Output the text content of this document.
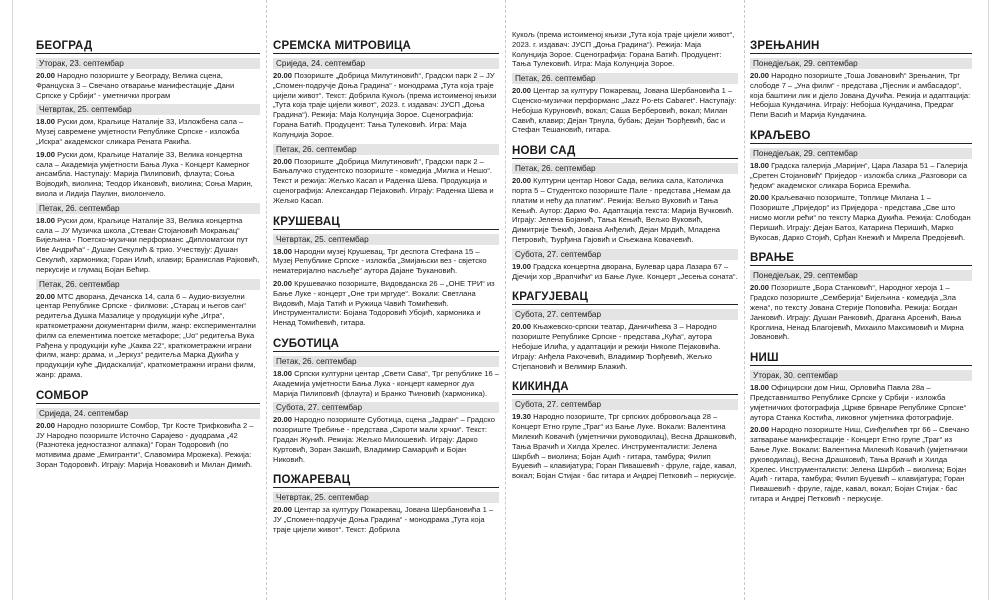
БЕОГРАД
Уторак, 23. септембар

20.00 Народно позориште у Београду, Велика сцена, Француска 3 – Свечано отварање манифестације „Дани Српске у Србији“ - уметнички програм

Четвртак, 25. септембар

18.00 Руски дом, Краљице Наталије 33, Изложбена сала – Музеј савремене умјетности Републике Српске - изложба „Искра“ академског сликара Рената Ракића.

19.00 Руски дом, Краљице Наталије 33, Велика концертна сала – Академија умјетности Бања Лука - Концерт Камерног ансамбла. Наступају: Марија Пилиповић, флаута; Соња Војводић, виолина; Теодор Икановић, виолина; Соња Марин, виола и Лидија Паулин, виолончело.

Петак, 26. септембар

18.00 Руски дом, Краљице Наталије 33, Велика концертна сала – ЈУ Музичка школа „Стеван Стојановић Мокрањац“ Бијељина - Поетско-музички перформанс „Дипломатски пут Иве Андрића“ - Душан Секулић & трио. Учествују: Душан Секулић, хармоника; Горан Илић, клавир; Бранислав Рајковић, перкусије и глумац Бојан Бећир.

Петак, 26. септембар

20.00 МТС дворана, Дечанска 14, сала 6 – Аудио-визуелни центар Републике Српске - филмови: „Старац и његов сан“ редитеља Душка Мазалице у продукцији куће „Игра“, краткометражни документарни филм, жанр: експериментални филм са елементима поетске метафоре; „Uo“ редитеља Вука Рађена у продукцији куће „Каква 22“, краткометражни играни филм, жанр: драма, и „Јеркуз“ редитеља Марка Дукића у продукцији куће „Дидаскалија“, краткометражни играни филм, жанр: драма.

СОМБОР
Сриједа, 24. септембар

20.00 Народно позориште Сомбор, Трг Косте Трифковића 2 – ЈУ Народно позориште Источно Сарајево - дуодрама „42 (Разнотека једностазног алпака)“ Горан Тодоровић (по мотивима драме „Емигранти“, Славомира Мрожека). Режија: Зоран Тодоровић. Играју: Марија Новаковић и Милан Димић.

СРЕМСКА МИТРОВИЦА
Сриједа, 24. септембар

20.00 Позориште „Добрица Милутиновић“, Градски парк 2 – ЈУ „Спомен-подручје Доња Градина“ - монодрама „Тута која траје цијели живот“. Текст: Добрила Кукољ (према истоименој књизи „Тута која траје цијели живот“, 2023. г. издавач: ЈУСП „Доња Градина“). Режија: Маја Колунџија Зорое. Сценографија: Горана Батић. Продуцент: Тања Тулековић. Игра: Маја Колунџија Зорое.

Петак, 26. септембар

20.00 Позориште „Добрица Милутиновић“, Градски парк 2 – Бањалучко студентско позориште - комедија „Милка и Нешо“. Текст и режија: Жељко Касап и Раденка Шева. Продукција и сценографија: Александар Пејаковић. Играју: Раденка Шева и Жељко Касап.

КРУШЕВАЦ
Четвртак, 25. септембар

18.00 Народни музеј Крушевац, Трг деспота Стефана 15 – Музеј Републике Српске - изложба „Змијањски вез - свјетско нематеријално насљеђе“ аутора Дајане Ђукановић.

20.00 Крушевачко позориште, Видовданска 26 – „ОНЕ ТРИ“ из Бање Луке - концерт „Оне три мргуде“. Вокали: Светлана Видовић, Маја Татић и Ружица Чавић Томићевић. Инструменталисти: Бојана Тодоровић Убојић, хармоника и Ненад Томићевић, гитара.

СУБОТИЦА
Петак, 26. септембар

18.00 Српски културни центар „Свети Сава“, Трг републике 16 – Академија умјетности Бања Лука - концерт камерног дуа Марија Пилиповић (флаута) и Бранко Ћиновић (хармоника).

Субота, 27. септембар

20.00 Народно позориште Суботица, сцена „Јадран“ – Градско позориште Требиње - представа „Скроти мали хрчки“. Текст: Градан Жунић. Режија: Жељко Милошевић. Играју: Дарко Куртовић, Зоран Закшић, Владимир Самарџић и Бојан Никовић.

ПОЖАРЕВАЦ
Четвртак, 25. септембар

20.00 Центар за културу Пожаревац, Јована Шербановића 1 – ЈУ „Спомен-подручје Доња Градина“ - монодрама „Тута која траје цијели живот“. Текст: Добрила

Кукољ (према истоименој књизи „Тута која траје цијели живот“, 2023. г. издавач: ЈУСП „Доња Градина“). Режија: Маја Колунџија Зорое. Сценографија: Горана Батић. Продуцент: Тања Тулековић. Игра: Маја Колунџија Зорое.

Петак, 26. септембар

20.00 Центар за културу Пожаревац, Јована Шербановића 1 – Сценско-музички перформанс „Jazz Po-ets Cabaret“. Наступају: Небојша Куруновић, вокал; Саша Берберовић, вокал; Милан Савић, клавир; Дејан Трнула, бубањ; Дејан Ђорђевић, бас и Стефан Тешановић, гитара.

НОВИ САД
Петак, 26. септембар

20.00 Културни центар Новог Сада, велика сала, Католичка порта 5 – Студентско позориште Пале - представа „Немам да платим и нећу да платим“. Режија: Вељко Вуковић и Тања Кењић. Аутор: Дарио Фо. Адаптација текста: Марија Вучковић. Играју: Јелена Бојанић, Тања Кењић, Вељко Вуковић, Димитрије Ђекић, Јована Анђелић, Дејан Мрдић, Младена Петровић, Ђурђина Гајовић и Сњежана Ковачевић.

Субота, 27. септембар

19.00 Градска концертна дворана, Булевар цара Лазара 67 – Дјечији хор „Врапчићи“ из Бање Луке. Концерт „Јесења соната“.

КРАГУЈЕВАЦ
Субота, 27. септембар

20.00 Књажевско-српски театар, Даничићева 3 – Народно позориште Републике Српске - представа „Кућа“, аутора Небојше Илића, у адаптацији и режији Николе Пејаковића. Играју: Анђела Ракочевић, Владимир Ђорђевић, Жељко Стјепановић и Велимир Блажић.

КИКИНДА
Субота, 27. септембар

19.30 Народно позориште, Трг српских добровољаца 28 – Концерт Етно групе „Траг“ из Бање Луке. Вокали: Валентина Милекић Ковачић (умјетнички руководилац), Весна Драшковић, Тања Врачић и Хилда Хрелес. Инструменталисти: Јелена Шкрбић – виолина; Бојан Аџић - гитара, тамбура; Филип Буџевић – клавијатура; Горан Пивашевић - фруле, гајде, кавал, вокал; Бојан Стијак - бас гитара и Андреј Петковић – перкусије.

ЗРЕЊАНИН
Понедјељак, 29. септембар

20.00 Народно позориште „Тоша Јовановић“ Зрењанин, Трг слободе 7 – „Уна филм“ - представа „Пјесник и амбасадор“, која баштини лик и дјело Јована Дучића. Режија и адаптација: Небојша Кундачина. Играју: Небојша Кундачина, Предраг Пепи Васић и Марија Кундачина.

КРАЉЕВО
Понедјељак, 29. септембар

18.00 Градска галерија „Маријин“, Цара Лазара 51 – Галерија „Сретен Стојановић“ Приједор - изложба слика „Разговори са ђедом“ академског сликара Бориса Еремића.

20.00 Краљевачко позориште, Топлице Милана 1 – Позориште „Приједор“ из Приједора - представа „Све што нисмо могли рећи“ по тексту Марка Дукића. Режија: Слободан Перишић. Играју: Дејан Батоз, Катарина Перишић, Марко Вукосав, Дарко Стојић, Срђан Кнежић и Мирела Предојевић.

ВРАЊЕ
Понедјељак, 29. септембар

20.00 Позориште „Бора Станковић“, Народног хероја 1 – Градско позориште „Семберија“ Бијељина - комедија „Зла жена“, по тексту Јована Стерије Поповића. Режија: Богдан Јанковић. Играју: Душан Ранковић, Драгана Арсенић, Вања Кроглина, Ненад Благојевић, Михаило Максимовић и Мирна Јовановић.

НИШ
Уторак, 30. септембар

18.00 Официрски дом Ниш, Орловића Павла 28а – Представништво Републике Српске у Србији - изложба умјетничких фотографија „Цркве брвнаре Републике Српске“ аутора Станка Костића, ликовног умјетника фотографије.

20.00 Народно позориште Ниш, Синђелићев трг 66 – Свечано затварање манифестације - Концерт Етно групе „Траг“ из Бање Луке. Вокали: Валентина Милекић Ковачић (умјетнички руководилац), Весна Драшковић, Тања Врачић и Хилда Хрелес. Инструменталисти: Јелена Шкрбић – виолина; Бојан Аџић - гитара, тамбура; Филип Буџевић – клавијатура; Горан Пивашевић - фруле, гајде, кавал, вокал; Бојан Стијак - бас гитара и Андреј Петковић - перкусије.
